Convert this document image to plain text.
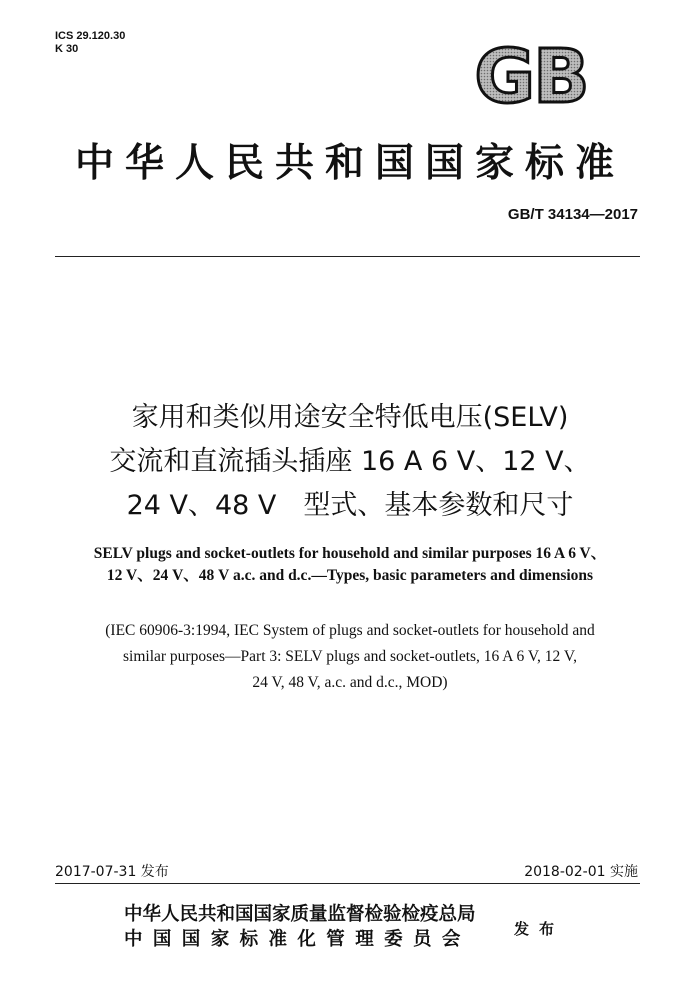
ICS 29.120.30
K 30	GB
中华人民共和国国家标准
GB/T 34134—2017
家用和类似用途安全特低电压(SELV)
交流和直流插头插座 16 A 6 V、12 V、
24 V、48 V　型式、基本参数和尺寸
SELV plugs and socket-outlets for household and similar purposes 16 A 6 V、
12 V、24 V、48 V a.c. and d.c.—Types, basic parameters and dimensions
(IEC 60906-3:1994, IEC System of plugs and socket-outlets for household and
similar purposes—Part 3: SELV plugs and socket-outlets, 16 A 6 V, 12 V,
24 V, 48 V, a.c. and d.c., MOD)
2017-07-31 发布	2018-02-01 实施
中华人民共和国国家质量监督检验检疫总局
中国国家标准化管理委员会	发布
